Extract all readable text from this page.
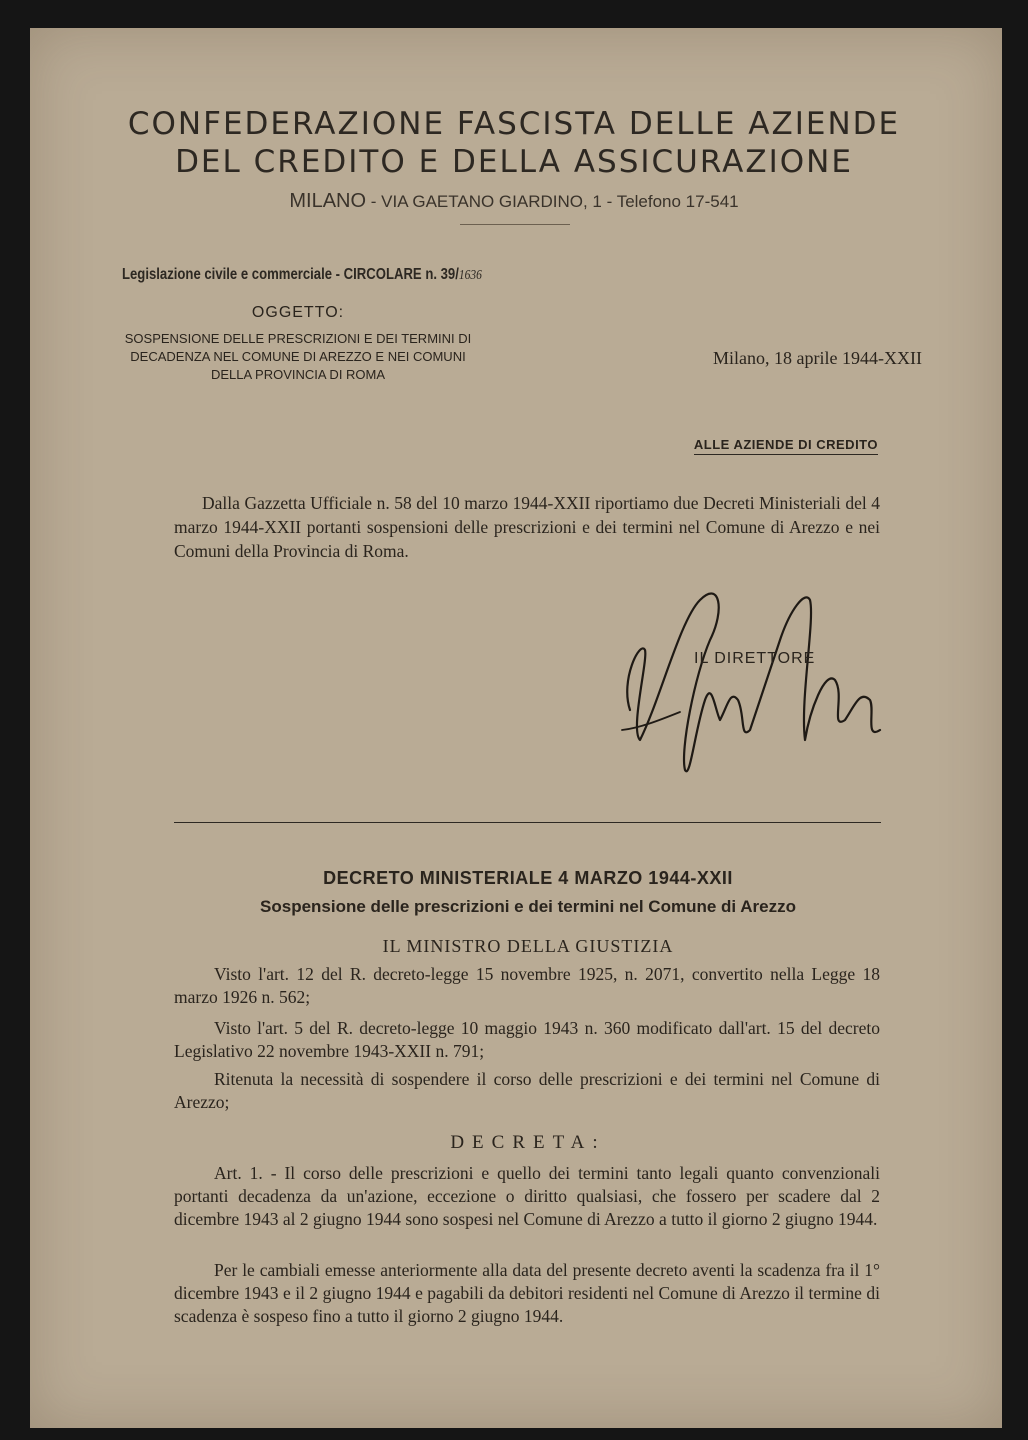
CONFEDERAZIONE FASCISTA DELLE AZIENDE
DEL CREDITO E DELLA ASSICURAZIONE
MILANO - VIA GAETANO GIARDINO, 1 - Telefono 17-541
Legislazione civile e commerciale - CIRCOLARE n. 39/1636
OGGETTO:
SOSPENSIONE DELLE PRESCRIZIONI E DEI TERMINI DI DECADENZA NEL COMUNE DI AREZZO E NEI COMUNI DELLA PROVINCIA DI ROMA
Milano, 18 aprile 1944-XXII
ALLE AZIENDE DI CREDITO
Dalla Gazzetta Ufficiale n. 58 del 10 marzo 1944-XXII riportiamo due Decreti Ministeriali del 4 marzo 1944-XXII portanti sospensioni delle prescrizioni e dei termini nel Comune di Arezzo e nei Comuni della Provincia di Roma.
IL DIRETTORE
DECRETO MINISTERIALE 4 MARZO 1944-XXII
Sospensione delle prescrizioni e dei termini nel Comune di Arezzo
IL MINISTRO DELLA GIUSTIZIA
Visto l'art. 12 del R. decreto-legge 15 novembre 1925, n. 2071, convertito nella Legge 18 marzo 1926 n. 562;
Visto l'art. 5 del R. decreto-legge 10 maggio 1943 n. 360 modificato dall'art. 15 del decreto Legislativo 22 novembre 1943-XXII n. 791;
Ritenuta la necessità di sospendere il corso delle prescrizioni e dei termini nel Comune di Arezzo;
DECRETA:
Art. 1. - Il corso delle prescrizioni e quello dei termini tanto legali quanto convenzionali portanti decadenza da un'azione, eccezione o diritto qualsiasi, che fossero per scadere dal 2 dicembre 1943 al 2 giugno 1944 sono sospesi nel Comune di Arezzo a tutto il giorno 2 giugno 1944.
Per le cambiali emesse anteriormente alla data del presente decreto aventi la scadenza fra il 1° dicembre 1943 e il 2 giugno 1944 e pagabili da debitori residenti nel Comune di Arezzo il termine di scadenza è sospeso fino a tutto il giorno 2 giugno 1944.
